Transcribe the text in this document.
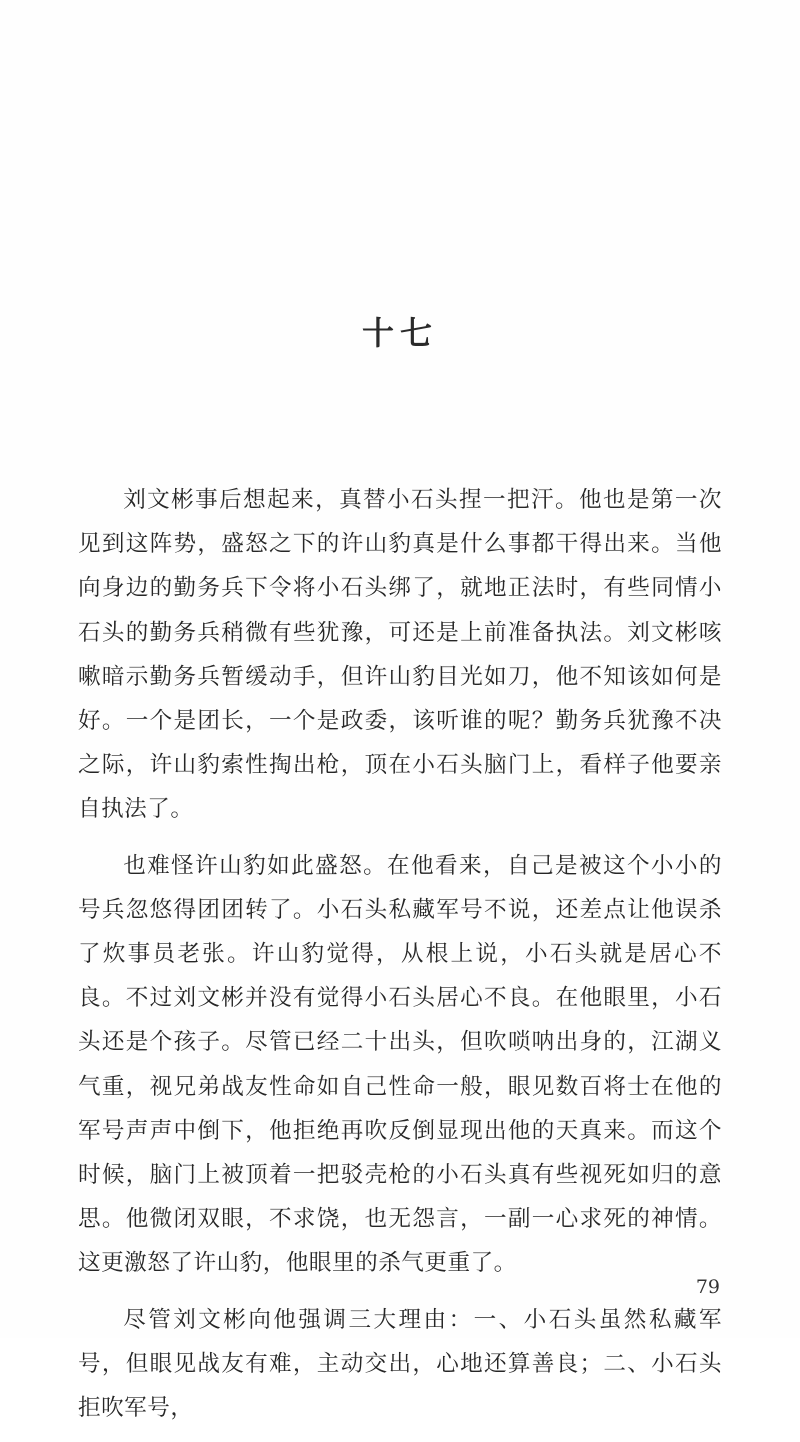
十七

刘文彬事后想起来，真替小石头捏一把汗。他也是第一次见到这阵势，盛怒之下的许山豹真是什么事都干得出来。当他向身边的勤务兵下令将小石头绑了，就地正法时，有些同情小石头的勤务兵稍微有些犹豫，可还是上前准备执法。刘文彬咳嗽暗示勤务兵暂缓动手，但许山豹目光如刀，他不知该如何是好。一个是团长，一个是政委，该听谁的呢？勤务兵犹豫不决之际，许山豹索性掏出枪，顶在小石头脑门上，看样子他要亲自执法了。

也难怪许山豹如此盛怒。在他看来，自己是被这个小小的号兵忽悠得团团转了。小石头私藏军号不说，还差点让他误杀了炊事员老张。许山豹觉得，从根上说，小石头就是居心不良。不过刘文彬并没有觉得小石头居心不良。在他眼里，小石头还是个孩子。尽管已经二十出头，但吹唢呐出身的，江湖义气重，视兄弟战友性命如自己性命一般，眼见数百将士在他的军号声声中倒下，他拒绝再吹反倒显现出他的天真来。而这个时候，脑门上被顶着一把驳壳枪的小石头真有些视死如归的意思。他微闭双眼，不求饶，也无怨言，一副一心求死的神情。这更激怒了许山豹，他眼里的杀气更重了。

尽管刘文彬向他强调三大理由：一、小石头虽然私藏军号，但眼见战友有难，主动交出，心地还算善良；二、小石头拒吹军号，

79
